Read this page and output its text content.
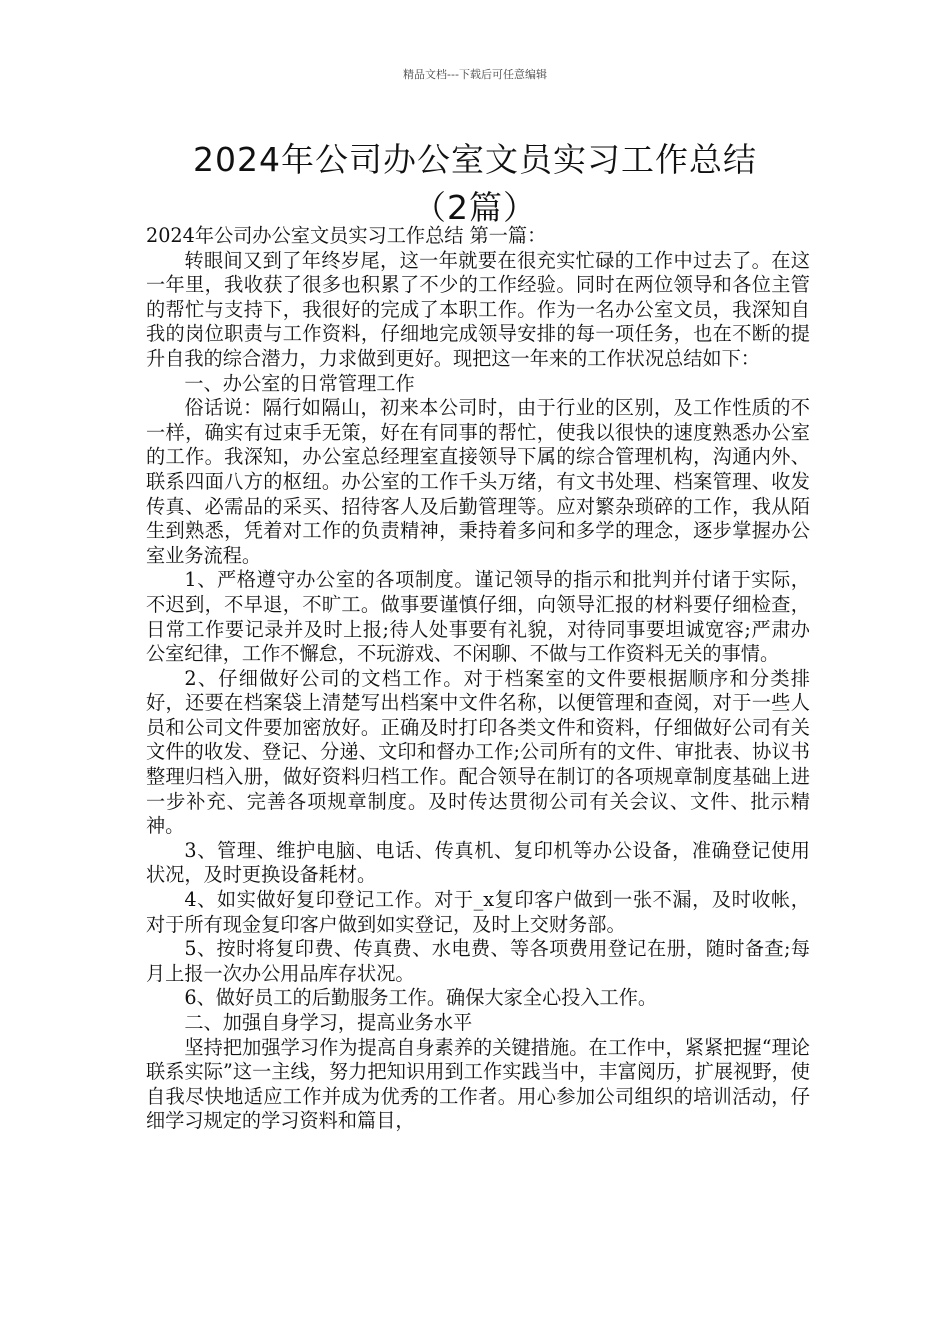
精品文档---下载后可任意编辑
2024年公司办公室文员实习工作总结
（2篇）

2024年公司办公室文员实习工作总结 第一篇：

转眼间又到了年终岁尾，这一年就要在很充实忙碌的工作中过去了。在这一年里，我收获了很多也积累了不少的工作经验。同时在两位领导和各位主管的帮忙与支持下，我很好的完成了本职工作。作为一名办公室文员，我深知自我的岗位职责与工作资料，仔细地完成领导安排的每一项任务，也在不断的提升自我的综合潜力，力求做到更好。现把这一年来的工作状况总结如下：

一、办公室的日常管理工作

俗话说：隔行如隔山，初来本公司时，由于行业的区别，及工作性质的不一样，确实有过束手无策，好在有同事的帮忙，使我以很快的速度熟悉办公室的工作。我深知，办公室总经理室直接领导下属的综合管理机构，沟通内外、联系四面八方的枢纽。办公室的工作千头万绪，有文书处理、档案管理、收发传真、必需品的采买、招待客人及后勤管理等。应对繁杂琐碎的工作，我从陌生到熟悉，凭着对工作的负责精神，秉持着多问和多学的理念，逐步掌握办公室业务流程。

1、严格遵守办公室的各项制度。谨记领导的指示和批判并付诸于实际，不迟到，不早退，不旷工。做事要谨慎仔细，向领导汇报的材料要仔细检查，日常工作要记录并及时上报;待人处事要有礼貌，对待同事要坦诚宽容;严肃办公室纪律，工作不懈怠，不玩游戏、不闲聊、不做与工作资料无关的事情。

2、仔细做好公司的文档工作。对于档案室的文件要根据顺序和分类排好，还要在档案袋上清楚写出档案中文件名称，以便管理和查阅，对于一些人员和公司文件要加密放好。正确及时打印各类文件和资料，仔细做好公司有关文件的收发、登记、分递、文印和督办工作;公司所有的文件、审批表、协议书整理归档入册，做好资料归档工作。配合领导在制订的各项规章制度基础上进一步补充、完善各项规章制度。及时传达贯彻公司有关会议、文件、批示精神。

3、管理、维护电脑、电话、传真机、复印机等办公设备，准确登记使用状况，及时更换设备耗材。

4、如实做好复印登记工作。对于_x复印客户做到一张不漏，及时收帐，对于所有现金复印客户做到如实登记，及时上交财务部。

5、按时将复印费、传真费、水电费、等各项费用登记在册，随时备查;每月上报一次办公用品库存状况。

6、做好员工的后勤服务工作。确保大家全心投入工作。

二、加强自身学习，提高业务水平

坚持把加强学习作为提高自身素养的关键措施。在工作中，紧紧把握“理论联系实际”这一主线，努力把知识用到工作实践当中，丰富阅历，扩展视野，使自我尽快地适应工作并成为优秀的工作者。用心参加公司组织的培训活动，仔细学习规定的学习资料和篇目，
